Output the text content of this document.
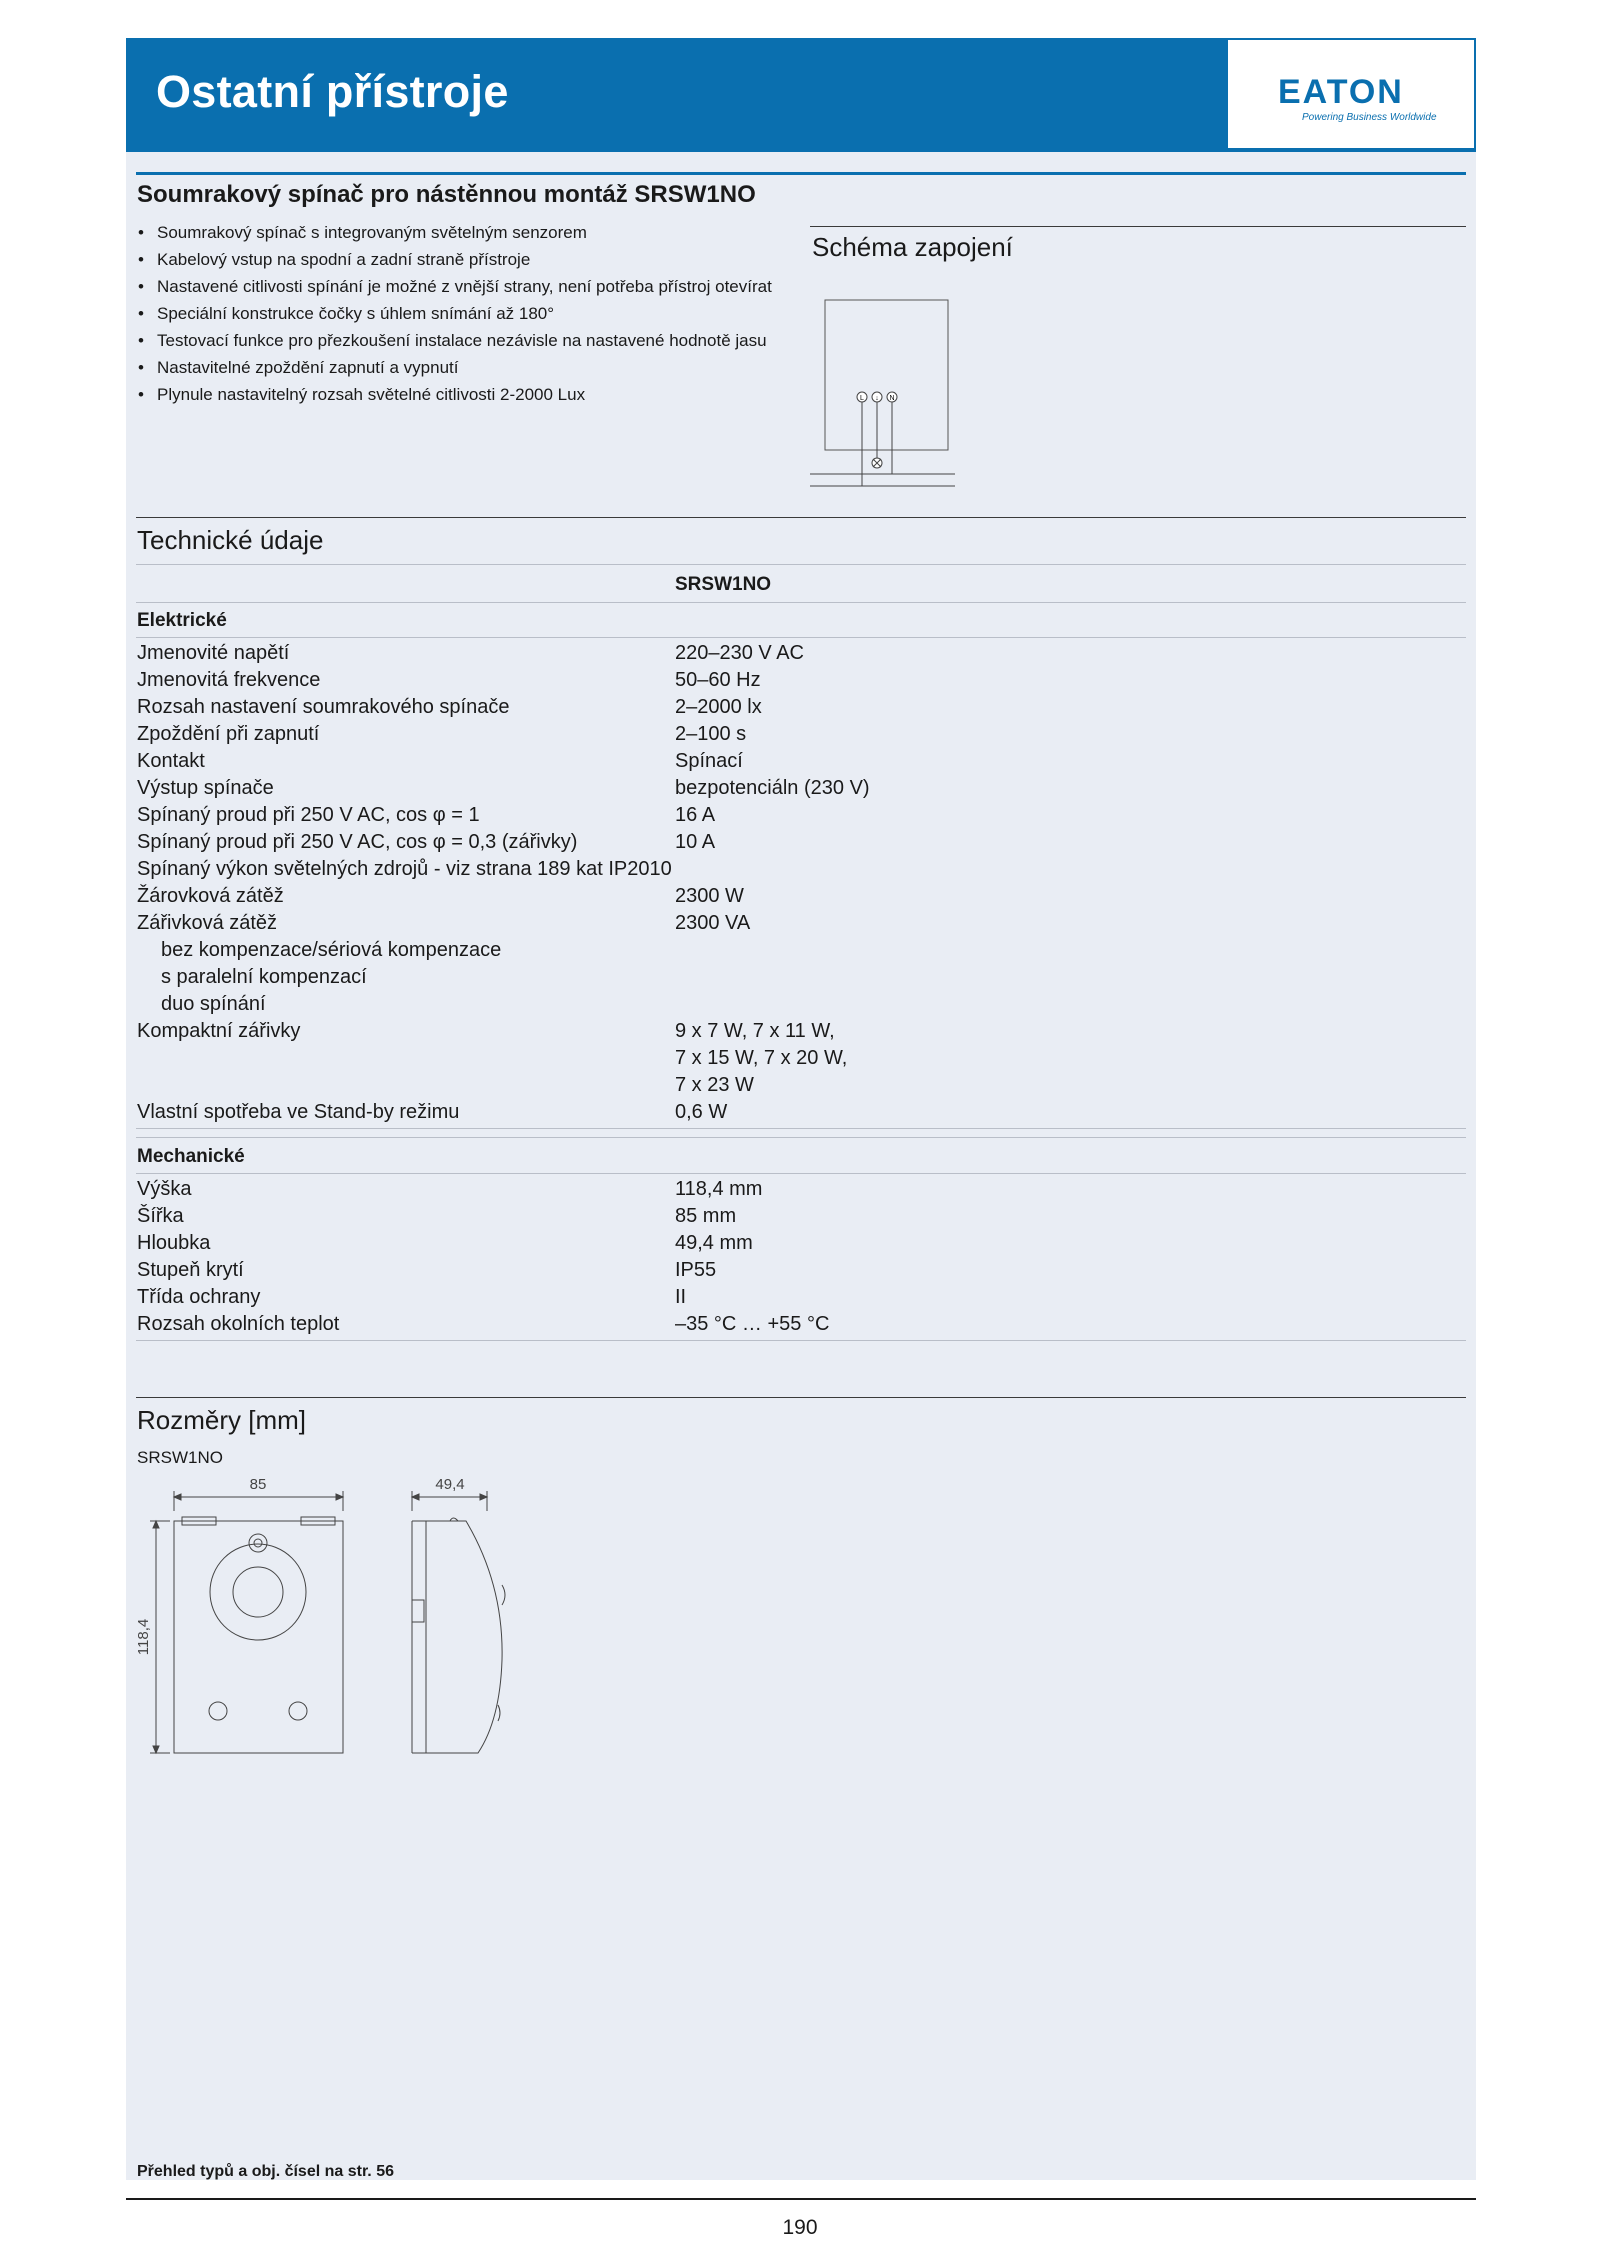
Ostatní přístroje	EATON
Powering Business Worldwide
Soumrakový spínač pro nástěnnou montáž SRSW1NO
• Soumrakový spínač s integrovaným světelným senzorem
• Kabelový vstup na spodní a zadní straně přístroje
• Nastavené citlivosti spínání je možné z vnější strany, není potřeba přístroj otevírat
• Speciální konstrukce čočky s úhlem snímání až 180°
• Testovací funkce pro přezkoušení instalace nezávisle na nastavené hodnotě jasu
• Nastavitelné zpoždění zapnutí a vypnutí
• Plynule nastavitelný rozsah světelné citlivosti 2-2000 Lux
Schéma zapojení
L ↓ N
Technické údaje
SRSW1NO
Elektrické
Jmenovité napětí	220–230 V AC
Jmenovitá frekvence	50–60 Hz
Rozsah nastavení soumrakového spínače	2–2000 lx
Zpoždění při zapnutí	2–100 s
Kontakt	Spínací
Výstup spínače	bezpotenciáln (230 V)
Spínaný proud při 250 V AC, cos φ = 1	16 A
Spínaný proud při 250 V AC, cos φ = 0,3 (zářivky)	10 A
Spínaný výkon světelných zdrojů - viz strana 189 kat IP2010
Žárovková zátěž	2300 W
Zářivková zátěž	2300 VA
bez kompenzace/sériová kompenzace
s paralelní kompenzací
duo spínání
Kompaktní zářivky	9 x 7 W, 7 x 11 W,
7 x 15 W, 7 x 20 W,
7 x 23 W
Vlastní spotřeba ve Stand-by režimu	0,6 W
Mechanické
Výška	118,4 mm
Šířka	85 mm
Hloubka	49,4 mm
Stupeň krytí	IP55
Třída ochrany	II
Rozsah okolních teplot	–35 °C … +55 °C
Rozměry [mm]
SRSW1NO
85
118,4
49,4
Přehled typů a obj. čísel na str. 56
190
